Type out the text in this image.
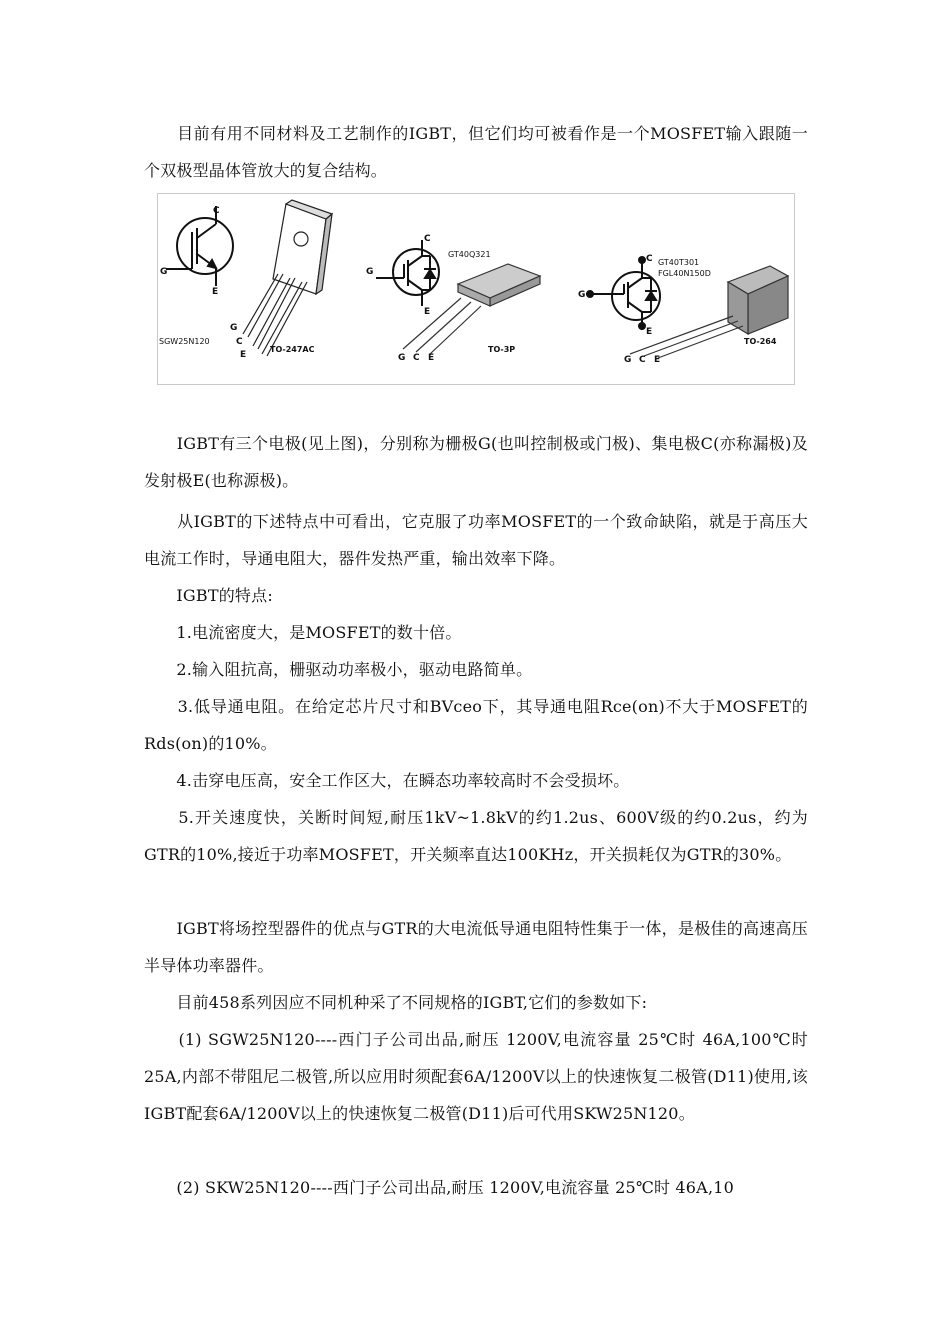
　　目前有用不同材料及工艺制作的IGBT，但它们均可被看作是一个MOSFET输入跟随一个双极型晶体管放大的复合结构。
C
G
E
SGW25N120
G
C
E
TO-247AC
C
G
E
GT40Q321
G C E
TO-3P
C
G
E
GT40T301
FGL40N150D
G C E
TO-264
　　IGBT有三个电极(见上图)，分别称为栅极G(也叫控制极或门极)、集电极C(亦称漏极)及发射极E(也称源极)。
　　从IGBT的下述特点中可看出，它克服了功率MOSFET的一个致命缺陷，就是于高压大电流工作时，导通电阻大，器件发热严重，输出效率下降。
　　IGBT的特点:
　　1.电流密度大，是MOSFET的数十倍。
　　2.输入阻抗高，栅驱动功率极小，驱动电路简单。
　　3.低导通电阻。在给定芯片尺寸和BVceo下，其导通电阻Rce(on)不大于MOSFET的Rds(on)的10%。
　　4.击穿电压高，安全工作区大，在瞬态功率较高时不会受损坏。
　　5.开关速度快，关断时间短,耐压1kV~1.8kV的约1.2us、600V级的约0.2us，约为GTR的10%,接近于功率MOSFET，开关频率直达100KHz，开关损耗仅为GTR的30%。
　　IGBT将场控型器件的优点与GTR的大电流低导通电阻特性集于一体，是极佳的高速高压半导体功率器件。
　　目前458系列因应不同机种采了不同规格的IGBT,它们的参数如下:
　　(1) SGW25N120----西门子公司出品,耐压 1200V,电流容量 25℃时 46A,100℃时25A,内部不带阻尼二极管,所以应用时须配套6A/1200V以上的快速恢复二极管(D11)使用,该IGBT配套6A/1200V以上的快速恢复二极管(D11)后可代用SKW25N120。
　　(2) SKW25N120----西门子公司出品,耐压 1200V,电流容量 25℃时 46A,10
